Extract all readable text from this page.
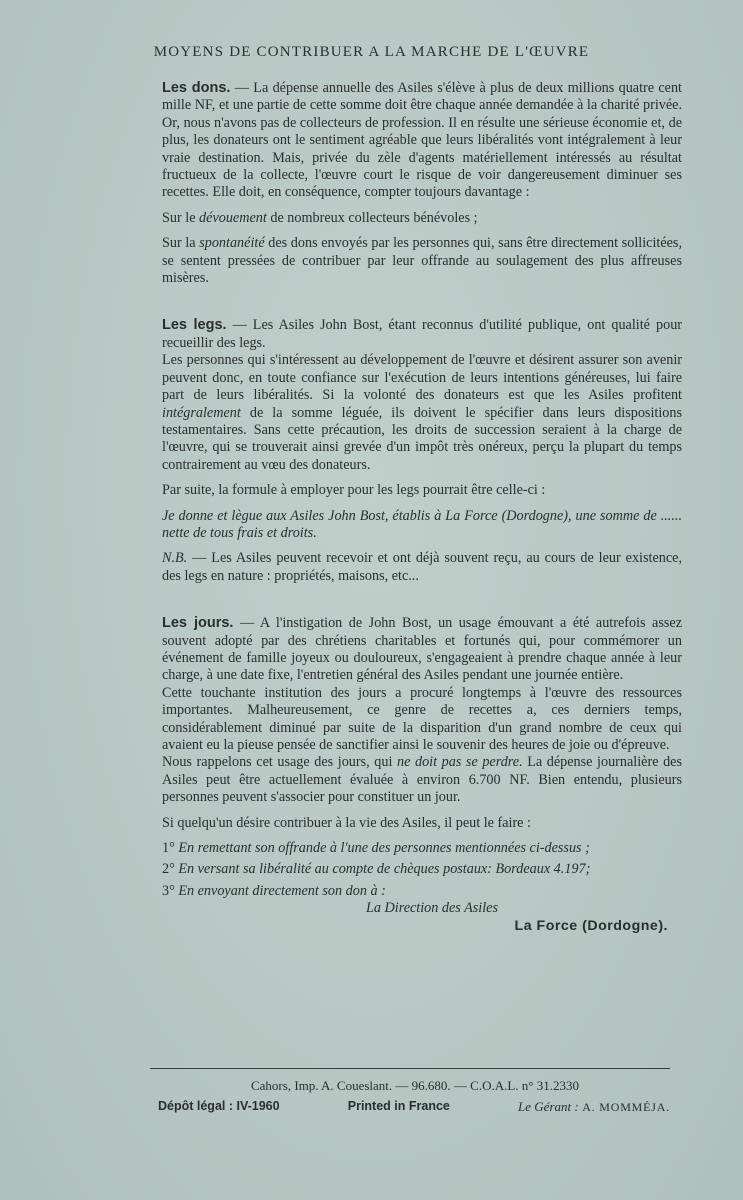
MOYENS DE CONTRIBUER A LA MARCHE DE L'ŒUVRE

Les dons. — La dépense annuelle des Asiles s'élève à plus de deux millions quatre cent mille NF, et une partie de cette somme doit être chaque année demandée à la charité privée. Or, nous n'avons pas de collecteurs de profession. Il en résulte une sérieuse économie et, de plus, les donateurs ont le sentiment agréable que leurs libéralités vont intégralement à leur vraie destination. Mais, privée du zèle d'agents matériellement intéressés au résultat fructueux de la collecte, l'œuvre court le risque de voir dangereusement diminuer ses recettes. Elle doit, en conséquence, compter toujours davantage :

Sur le dévouement de nombreux collecteurs bénévoles ;

Sur la spontanéité des dons envoyés par les personnes qui, sans être directement sollicitées, se sentent pressées de contribuer par leur offrande au soulagement des plus affreuses misères.

Les legs. — Les Asiles John Bost, étant reconnus d'utilité publique, ont qualité pour recueillir des legs.

Les personnes qui s'intéressent au développement de l'œuvre et désirent assurer son avenir peuvent donc, en toute confiance sur l'exécution de leurs intentions généreuses, lui faire part de leurs libéralités. Si la volonté des donateurs est que les Asiles profitent intégralement de la somme léguée, ils doivent le spécifier dans leurs dispositions testamentaires. Sans cette précaution, les droits de succession seraient à la charge de l'œuvre, qui se trouverait ainsi grevée d'un impôt très onéreux, perçu la plupart du temps contrairement au vœu des donateurs.

Par suite, la formule à employer pour les legs pourrait être celle-ci :

Je donne et lègue aux Asiles John Bost, établis à La Force (Dordogne), une somme de ...... nette de tous frais et droits.

N.B. — Les Asiles peuvent recevoir et ont déjà souvent reçu, au cours de leur existence, des legs en nature : propriétés, maisons, etc...

Les jours. — A l'instigation de John Bost, un usage émouvant a été autrefois assez souvent adopté par des chrétiens charitables et fortunés qui, pour commémorer un événement de famille joyeux ou douloureux, s'engageaient à prendre chaque année à leur charge, à une date fixe, l'entretien général des Asiles pendant une journée entière.

Cette touchante institution des jours a procuré longtemps à l'œuvre des ressources importantes. Malheureusement, ce genre de recettes a, ces derniers temps, considérablement diminué par suite de la disparition d'un grand nombre de ceux qui avaient eu la pieuse pensée de sanctifier ainsi le souvenir des heures de joie ou d'épreuve.

Nous rappelons cet usage des jours, qui ne doit pas se perdre. La dépense journalière des Asiles peut être actuellement évaluée à environ 6.700 NF. Bien entendu, plusieurs personnes peuvent s'associer pour constituer un jour.

Si quelqu'un désire contribuer à la vie des Asiles, il peut le faire :

1° En remettant son offrande à l'une des personnes mentionnées ci-dessus ;

2° En versant sa libéralité au compte de chèques postaux: Bordeaux 4.197;

3° En envoyant directement son don à :

La Direction des Asiles

La Force (Dordogne).

Cahors, Imp. A. Coueslant. — 96.680. — C.O.A.L. n° 31.2330
Dépôt légal : IV-1960	Printed in France	Le Gérant : A. MOMMÉJA.
